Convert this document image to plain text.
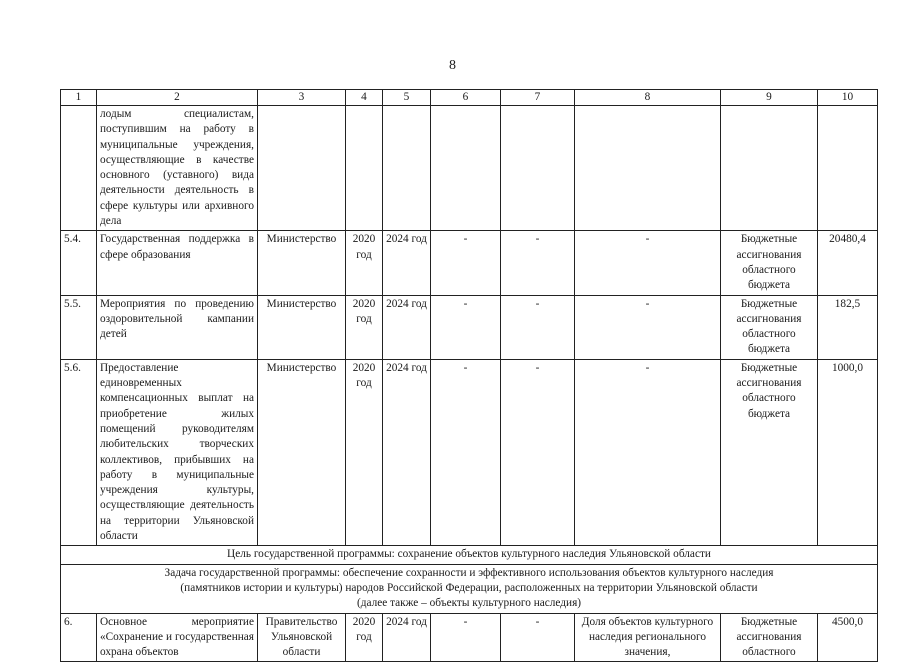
8
1	2	3	4	5	6	7	8	9	10
	лодым специалистам, поступившим на работу в муниципальные учреждения, осуществляющие в качестве основного (уставного) вида деятельности деятельность в сфере культуры или архивного дела								
5.4.	Государственная поддержка в сфере образования	Министерство	2020 год	2024 год	-	-	-	Бюджетные ассигнования областного бюджета	20480,4
5.5.	Мероприятия по проведению оздоровительной кампании детей	Министерство	2020 год	2024 год	-	-	-	Бюджетные ассигнования областного бюджета	182,5
5.6.	Предоставление единовременных компенсационных выплат на приобретение жилых помещений руководителям любительских творческих коллективов, прибывших на работу в муниципальные учреждения культуры, осуществляющие деятельность на территории Ульяновской области	Министерство	2020 год	2024 год	-	-	-	Бюджетные ассигнования областного бюджета	1000,0
Цель государственной программы: сохранение объектов культурного наследия Ульяновской области									

Задача государственной программы: обеспечение сохранности и эффективного использования объектов культурного наследия
(памятников истории и культуры) народов Российской Федерации, расположенных на территории Ульяновской области
(далее также – объекты культурного наследия)									

6.	Основное мероприятие «Сохранение и государственная охрана объектов	Правительство Ульяновской области	2020 год	2024 год	-	-	Доля объектов культурного наследия регионального значения,	Бюджетные ассигнования областного	4500,0
